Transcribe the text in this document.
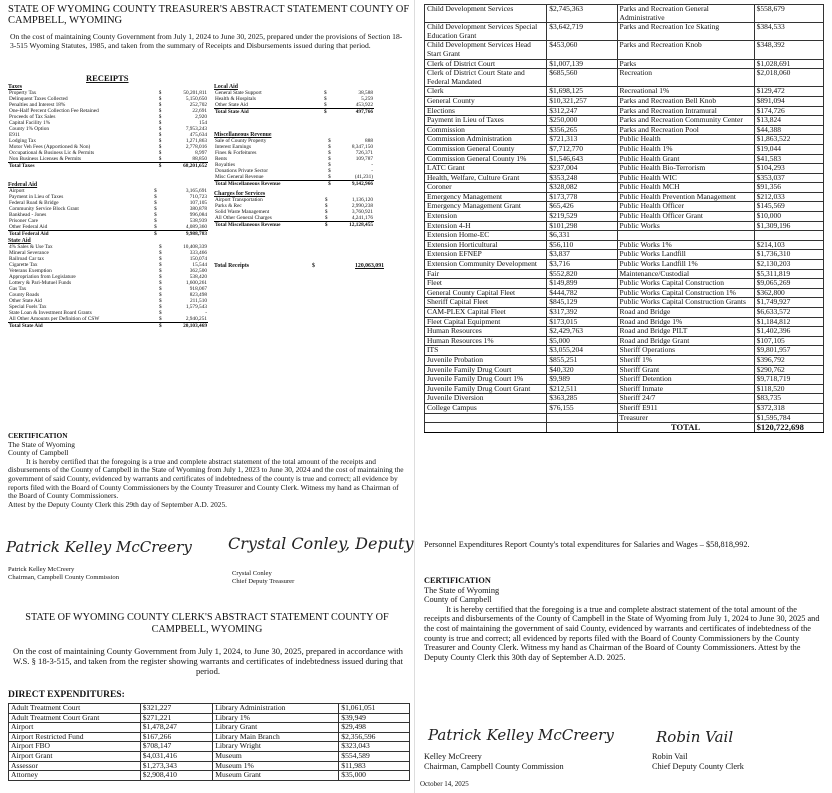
STATE OF WYOMING COUNTY TREASURER'S ABSTRACT STATEMENT COUNTY OF CAMPBELL, WYOMING
On the cost of maintaining County Government from July 1, 2024 to June 30, 2025, prepared under the provisions of Section 18-3-515 Wyoming Statutes, 1985, and taken from the summary of Receipts and Disbursements issued during that period.
RECEIPTS
Taxes
Property Tax	$	50,201,811
Delinquent Taxes Collected	$	5,150,650
Penalties and Interest 18%	$	252,702
One-Half Percent Collection Fee Retained	$	22,691
Proceeds of Tax Sales	$	2,920
Capital Facility 1%	$	154
County 1% Option	$	7,953,243
E911	$	475,634
Lodging Tax	$	1,271,863
Motor Veh Fees (Apportioned & Non)	$	2,778,016
Occupational & Business Lic & Permits	$	8,997
Non Business Licenses & Permits	$	88,850
Total Taxes	$	68,201,652
Federal Aid
Airport	$	3,165,691
Payment in Lieu of Taxes	$	710,723
Federal Road & Bridge	$	107,105
Community Service Block Grant	$	380,878
Bankhead - Jones	$	996,084
Prisoner Care	$	538,939
Other Federal Aid	$	4,089,360
Total Federal Aid	$	9,988,783
State Aid
4% Sales & Use Tax	$	10,408,339
Mineral Severance	$	333,466
Railroad Car tax	$	150,074
Cigarette Tax	$	15,544
Veterans Exemption	$	362,500
Appropriation from Legislature	$	538,420
Lottery & Pari-Mutuel Funds	$	1,600,261
Gas Tax	$	918,067
County Roads	$	823,498
Other State Aid	$	211,510
Special Fuels Tax	$	1,579,543
State Loan & Investment Board Grants	$	-
All Other Amounts per Definition of CSW	$	2,940,251
Total State Aid	$	20,103,469
Local Aid
General State Support	$	38,588
Health & Hospitals	$	5,259
Other State Aid	$	453,922
Total State Aid	$	497,766
Miscellaneous Revenue
Sale of County Property	$	888
Interest Earnings	$	8,347,150
Fines & Forfeitures	$	726,371
Rents	$	109,787
Royalties	$	-
Donations Private Sector	$	-
Misc General Revenue	$	(41,231)
Total Miscellaneous Revenue	$	9,142,966
Charges for Services
Airport Transportation	$	1,136,120
Parks & Rec	$	2,990,238
Solid Waste Management	$	3,760,921
All Other General Charges	$	4,241,176
Total Miscellaneous Revenue	$	12,128,455
Total Receipts	$	120,063,091
CERTIFICATION
The State of Wyoming
County of Campbell
It is hereby certified that the foregoing is a true and complete abstract statement of the total amount of the receipts and disbursements of the County of Campbell in the State of Wyoming from July 1, 2023 to June 30, 2024 and the cost of maintaining the government of said County, evidenced by warrants and certificates of indebtedness of the county is true and correct; all evidence by reports filed with the Board of County Commissioners by the County Treasurer and County Clerk. Witness my hand as Chairman of the Board of County Commissioners.
Attest by the Deputy County Clerk this 29th day of September A.D. 2025.
Patrick Kelley McCreery
Patrick Kelley McCreery
Chairman, Campbell County Commission
Crystal Conley, Deputy
Crystal Conley
Chief Deputy Treasurer
STATE OF WYOMING COUNTY CLERK'S ABSTRACT STATEMENT COUNTY OF CAMPBELL, WYOMING
On the cost of maintaining County Government from July 1, 2024, to June 30, 2025, prepared in accordance with W.S. § 18-3-515, and taken from the register showing warrants and certificates of indebtedness issued during that period.
DIRECT EXPENDITURES:
Adult Treatment Court	$321,227	Library Administration	$1,061,051
Adult Treatment Court Grant	$271,221	Library 1%	$39,949
Airport	$1,478,247	Library Grant	$29,498
Airport Restricted Fund	$167,266	Library Main Branch	$2,356,596
Airport FBO	$708,147	Library Wright	$323,043
Airport Grant	$4,031,416	Museum	$554,589
Assessor	$1,273,343	Museum 1%	$11,983
Attorney	$2,908,410	Museum Grant	$35,000
Child Development Services	$2,745,363	Parks and Recreation General Administrative	$558,679
Child Development Services Special Education Grant	$3,642,719	Parks and Recreation Ice Skating	$384,533
Child Development Services Head Start Grant	$453,060	Parks and Recreation Knob	$348,392
Clerk of District Court	$1,007,139	Parks	$1,028,691
Clerk of District Court State and Federal Mandated	$685,560	Recreation	$2,018,060
Clerk	$1,698,125	Recreational 1%	$129,472
General County	$10,321,257	Parks and Recreation Bell Knob	$891,094
Elections	$312,247	Parks and Recreation Intramural	$174,726
Payment in Lieu of Taxes	$250,000	Parks and Recreation Community Center	$13,824
Commission	$356,265	Parks and Recreation Pool	$44,388
Commission Administration	$721,313	Public Health	$1,863,522
Commission General County	$7,712,770	Public Health 1%	$19,044
Commission General County 1%	$1,546,643	Public Health Grant	$41,583
LATC Grant	$237,004	Public Health Bio-Terrorism	$104,293
Health, Welfare, Culture Grant	$353,248	Public Health WIC	$353,037
Coroner	$328,082	Public Health MCH	$91,356
Emergency Management	$173,778	Public Health Prevention Management	$212,033
Emergency Management Grant	$65,426	Public Health Officer	$145,569
Extension	$219,529	Public Health Officer Grant	$10,000
Extension 4-H	$101,298	Public Works	$1,309,196
Extension Home-EC	$6,331		
Extension Horticultural	$56,110	Public Works 1%	$214,103
Extension EFNEP	$3,837	Public Works Landfill	$1,736,310
Extension Community Development	$3,716	Public Works Landfill 1%	$2,130,203
Fair	$552,820	Maintenance/Custodial	$5,311,819
Fleet	$149,899	Public Works Capital Construction	$9,065,269
General County Capital Fleet	$444,782	Public Works Capital Construction 1%	$362,800
Sheriff Capital Fleet	$845,129	Public Works Capital Construction Grants	$1,749,927
CAM-PLEX Capital Fleet	$317,392	Road and Bridge	$6,633,572
Fleet Capital Equipment	$173,015	Road and Bridge 1%	$1,184,812
Human Resources	$2,429,763	Road and Bridge PILT	$1,402,396
Human Resources 1%	$5,000	Road and Bridge Grant	$107,105
ITS	$3,055,204	Sheriff Operations	$9,801,957
Juvenile Probation	$855,251	Sheriff 1%	$396,792
Juvenile Family Drug Court	$40,320	Sheriff Grant	$290,762
Juvenile Family Drug Court 1%	$9,989	Sheriff Detention	$9,718,719
Juvenile Family Drug Court Grant	$212,511	Sheriff Inmate	$118,520
Juvenile Diversion	$363,285	Sheriff 24/7	$83,735
College Campus	$76,155	Sheriff E911	$372,318
		Treasurer	$1,595,784
		TOTAL	$120,722,698
Personnel Expenditures Report County's total expenditures for Salaries and Wages – $58,818,992.
CERTIFICATION
The State of Wyoming
County of Campbell
It is hereby certified that the foregoing is a true and complete abstract statement of the total amount of the receipts and disbursements of the County of Campbell in the State of Wyoming from July 1, 2024 to June 30, 2025 and the cost of maintaining the government of said County, evidenced by warrants and certificates of indebtedness of the county is true and correct; all evidenced by reports filed with the Board of County Commissioners by the County Treasurer and County Clerk. Witness my hand as Chairman of the Board of County Commissioners. Attest by the Deputy County Clerk this 30th day of September A.D. 2025.
Patrick Kelley McCreery
Kelley McCreery
Chairman, Campbell County Commission
Robin Vail
Robin Vail
Chief Deputy County Clerk
October 14, 2025
